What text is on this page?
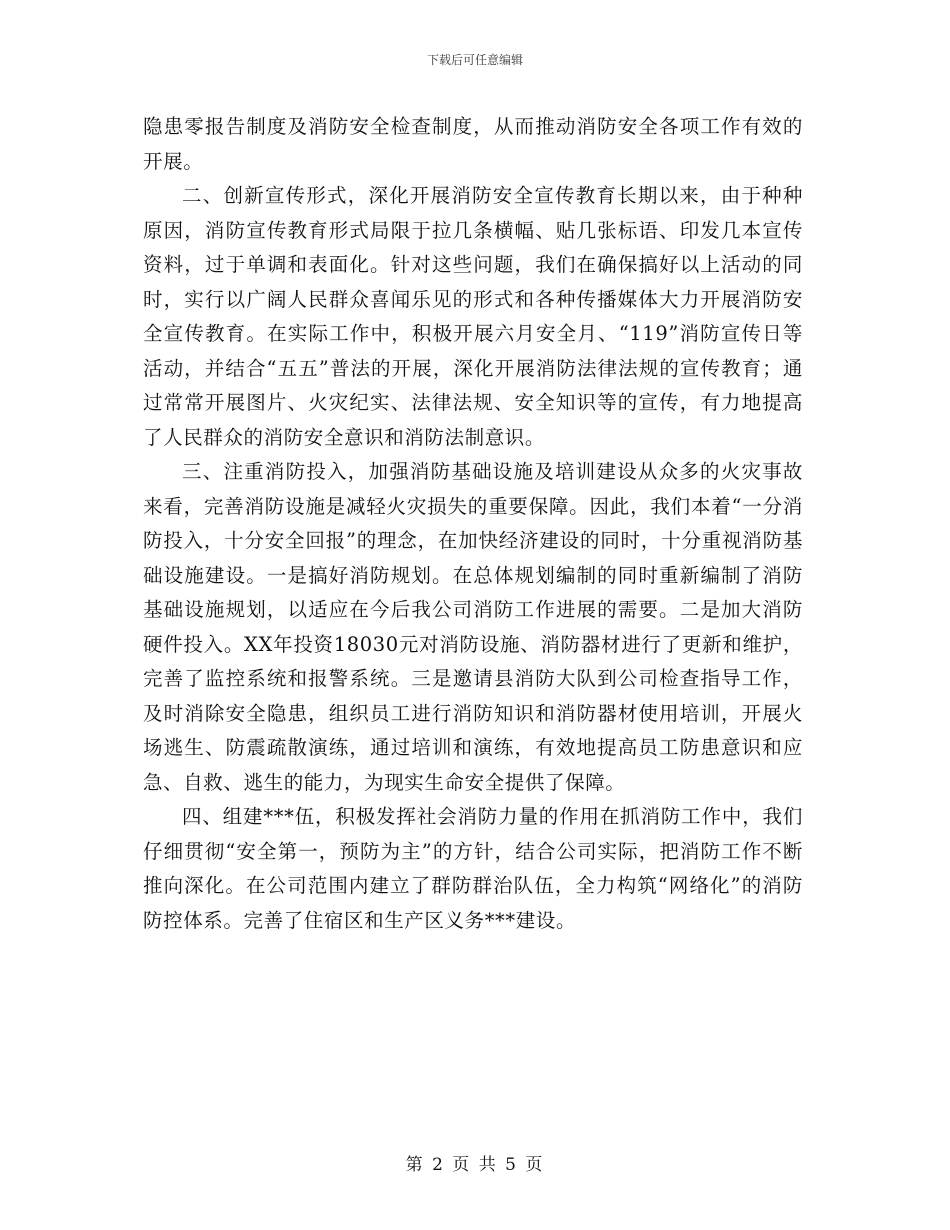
下载后可任意编辑

隐患零报告制度及消防安全检查制度，从而推动消防安全各项工作有效的开展。

二、创新宣传形式，深化开展消防安全宣传教育长期以来，由于种种原因，消防宣传教育形式局限于拉几条横幅、贴几张标语、印发几本宣传资料，过于单调和表面化。针对这些问题，我们在确保搞好以上活动的同时，实行以广阔人民群众喜闻乐见的形式和各种传播媒体大力开展消防安全宣传教育。在实际工作中，积极开展六月安全月、“119”消防宣传日等活动，并结合“五五”普法的开展，深化开展消防法律法规的宣传教育；通过常常开展图片、火灾纪实、法律法规、安全知识等的宣传，有力地提高了人民群众的消防安全意识和消防法制意识。

三、注重消防投入，加强消防基础设施及培训建设从众多的火灾事故来看，完善消防设施是减轻火灾损失的重要保障。因此，我们本着“一分消防投入，十分安全回报”的理念，在加快经济建设的同时，十分重视消防基础设施建设。一是搞好消防规划。在总体规划编制的同时重新编制了消防基础设施规划，以适应在今后我公司消防工作进展的需要。二是加大消防硬件投入。XX年投资18030元对消防设施、消防器材进行了更新和维护，完善了监控系统和报警系统。三是邀请县消防大队到公司检查指导工作，及时消除安全隐患，组织员工进行消防知识和消防器材使用培训，开展火场逃生、防震疏散演练，通过培训和演练，有效地提高员工防患意识和应急、自救、逃生的能力，为现实生命安全提供了保障。

四、组建***伍，积极发挥社会消防力量的作用在抓消防工作中，我们仔细贯彻“安全第一，预防为主”的方针，结合公司实际，把消防工作不断推向深化。在公司范围内建立了群防群治队伍，全力构筑“网络化”的消防防控体系。完善了住宿区和生产区义务***建设。

第 2 页 共 5 页
